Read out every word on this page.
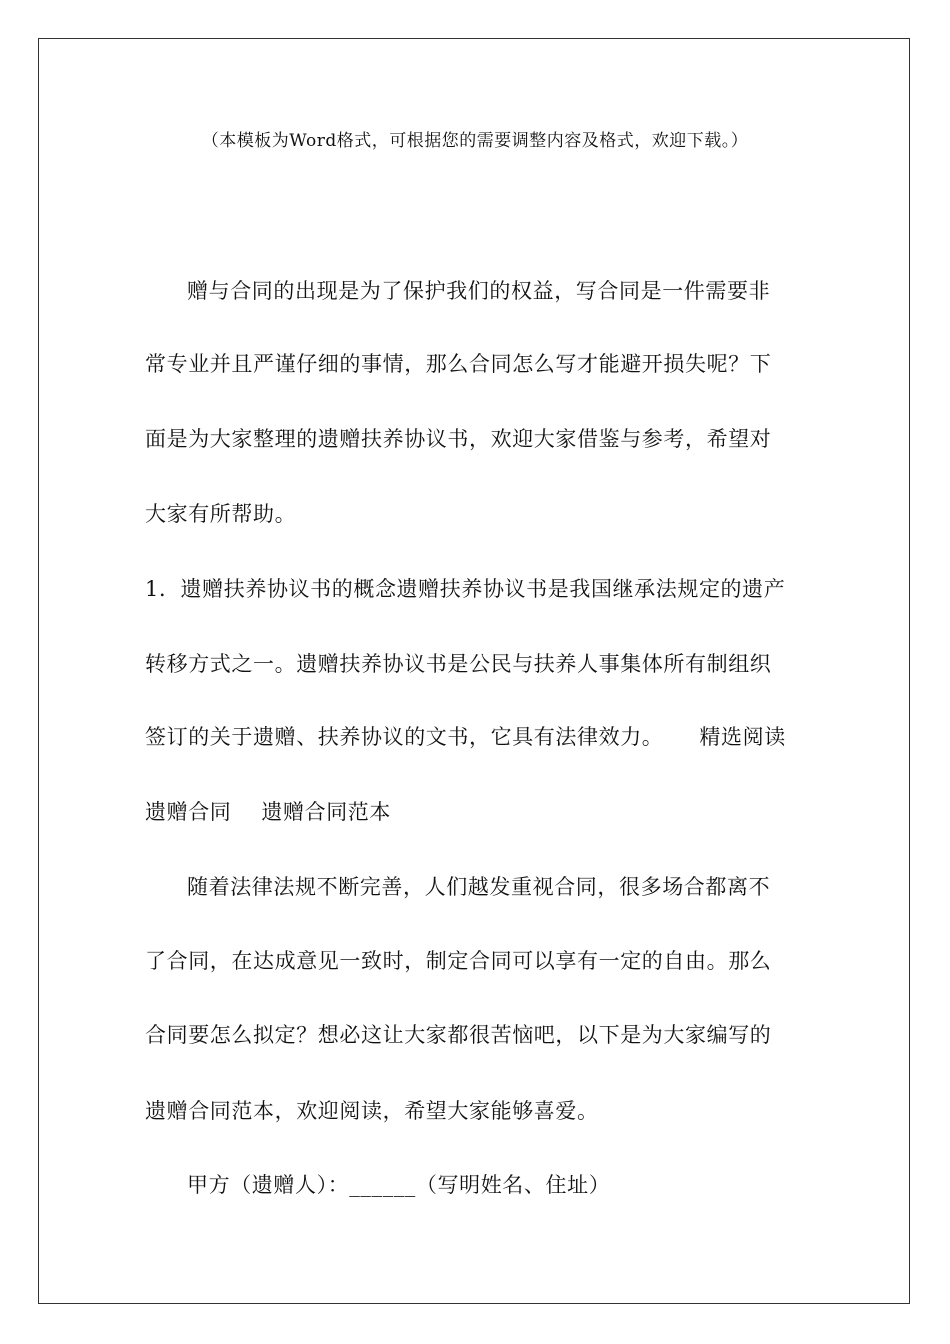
（本模板为Word格式，可根据您的需要调整内容及格式，欢迎下载。）
赠与合同的出现是为了保护我们的权益，写合同是一件需要非
常专业并且严谨仔细的事情，那么合同怎么写才能避开损失呢？下
面是为大家整理的遗赠扶养协议书，欢迎大家借鉴与参考，希望对
大家有所帮助。
1．遗赠扶养协议书的概念遗赠扶养协议书是我国继承法规定的遗产
转移方式之一。遗赠扶养协议书是公民与扶养人事集体所有制组织
签订的关于遗赠、扶养协议的文书，它具有法律效力。 精选阅读
遗赠合同 遗赠合同范本
随着法律法规不断完善，人们越发重视合同，很多场合都离不
了合同，在达成意见一致时，制定合同可以享有一定的自由。那么
合同要怎么拟定？想必这让大家都很苦恼吧，以下是为大家编写的
遗赠合同范本，欢迎阅读，希望大家能够喜爱。
甲方（遗赠人）：______（写明姓名、住址）
